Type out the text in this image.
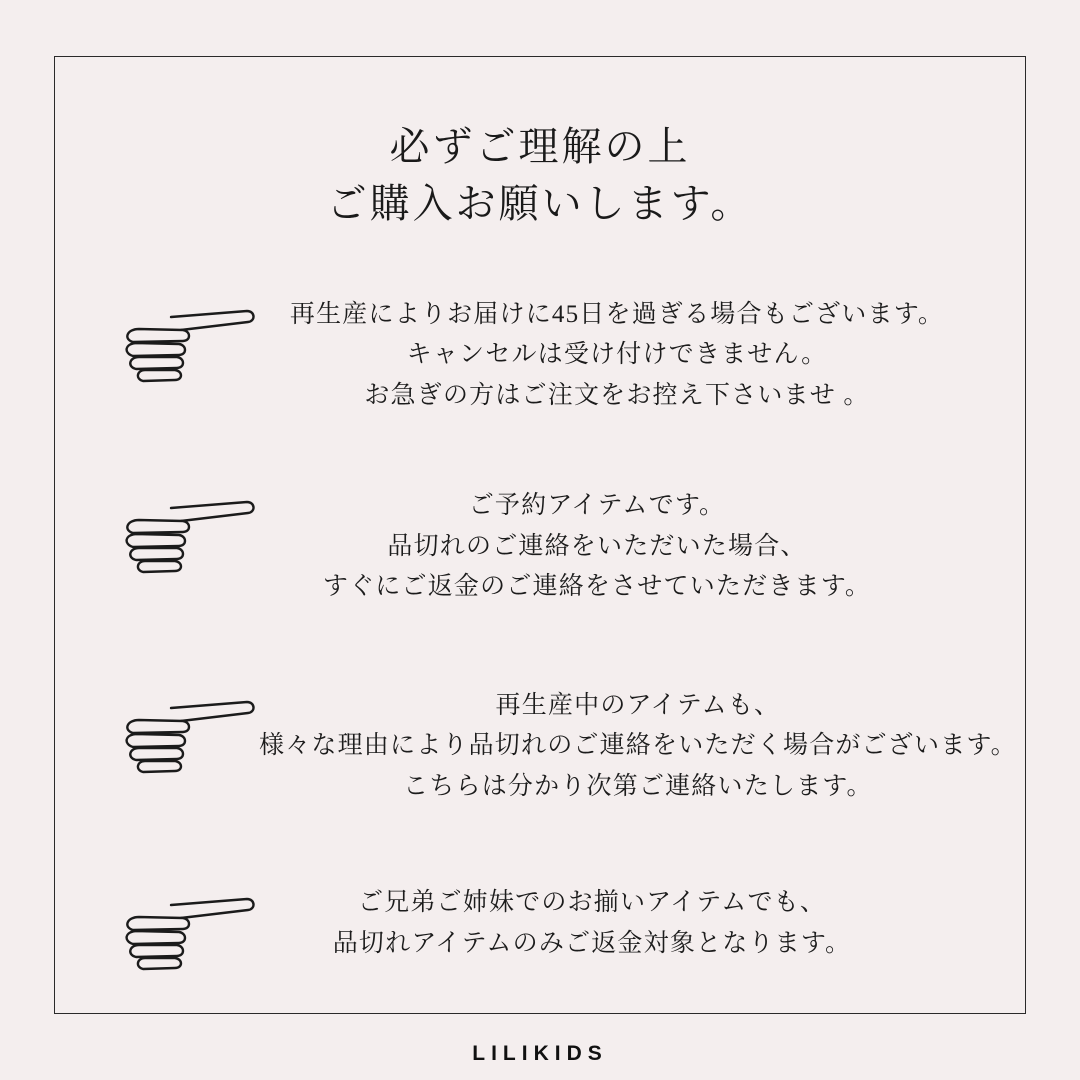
必ずご理解の上
ご購入お願いします。
再生産によりお届けに45日を過ぎる場合もございます。
キャンセルは受け付けできません。
お急ぎの方はご注文をお控え下さいませ 。
ご予約アイテムです。
品切れのご連絡をいただいた場合、
すぐにご返金のご連絡をさせていただきます。
再生産中のアイテムも、
様々な理由により品切れのご連絡をいただく場合がございます。
こちらは分かり次第ご連絡いたします。
ご兄弟ご姉妹でのお揃いアイテムでも、
品切れアイテムのみご返金対象となります。
LILIKIDS
